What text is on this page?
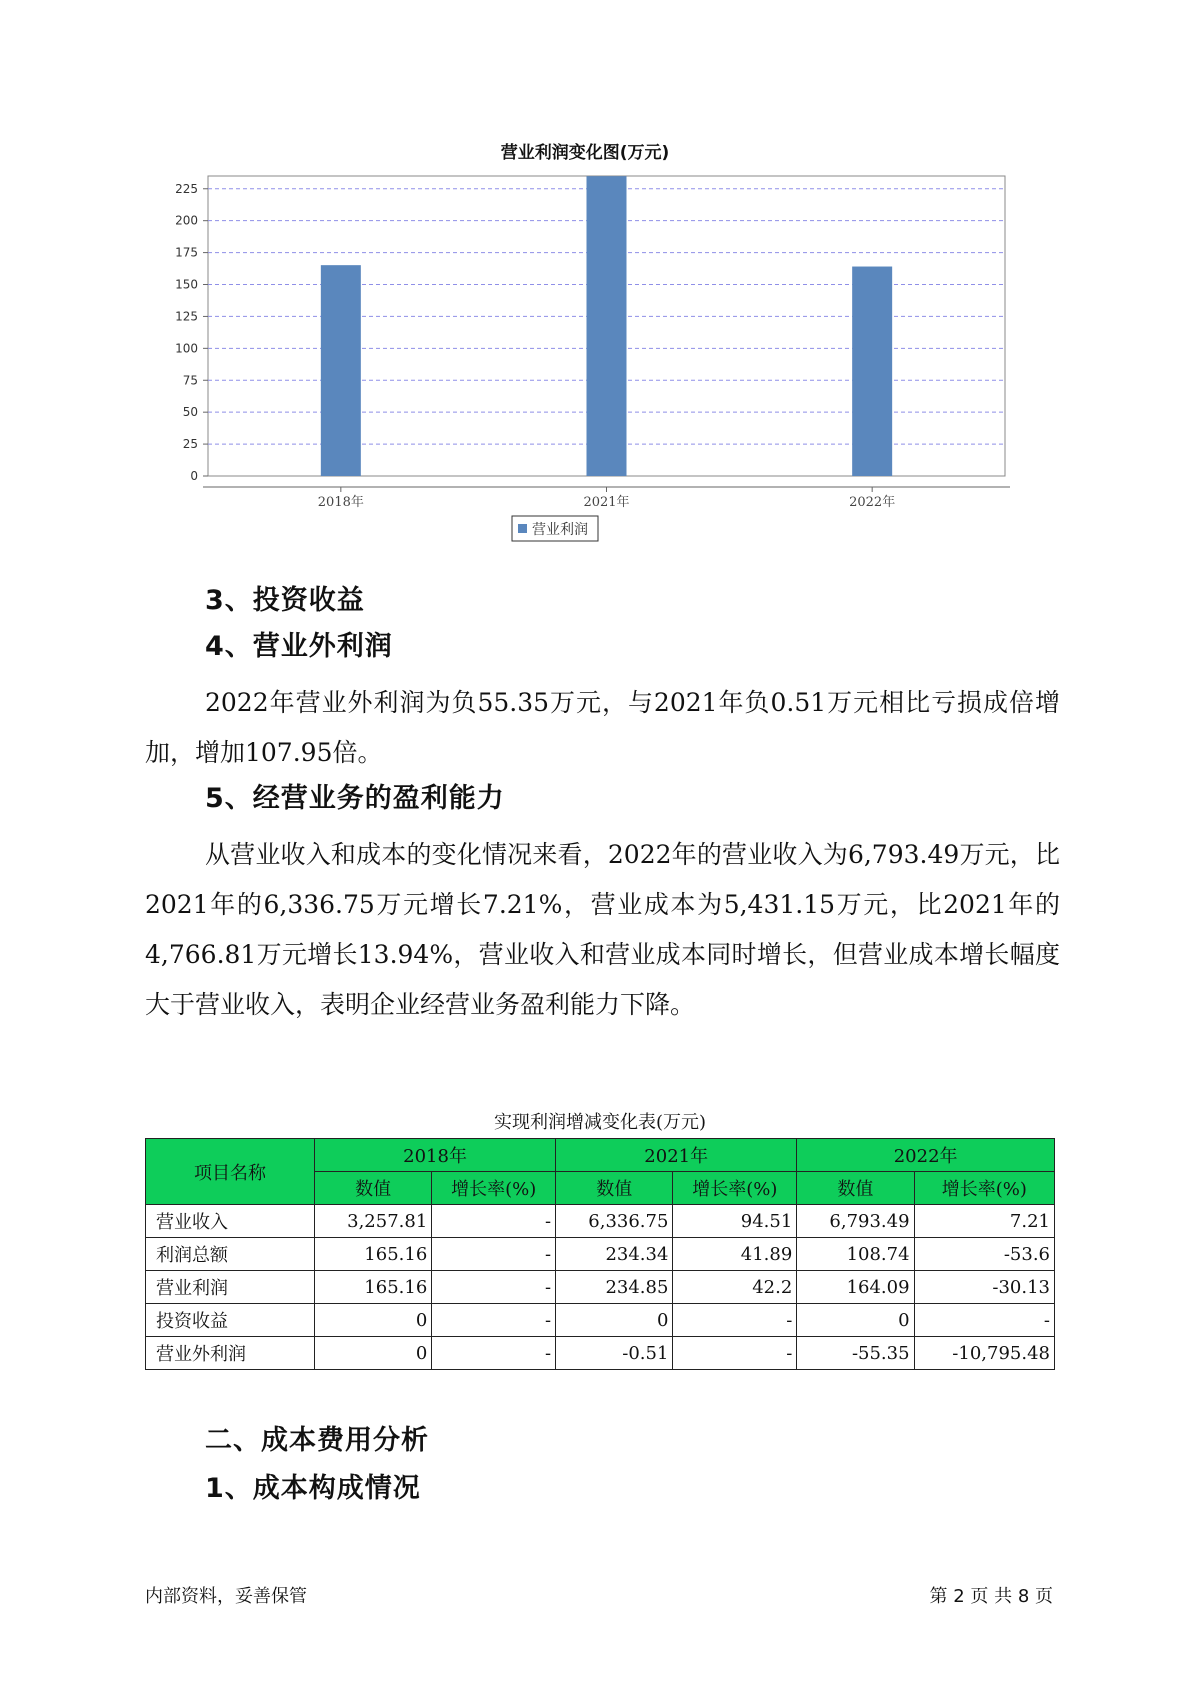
营业利润变化图(万元)
0
25
50
75
100
125
150
175
200
225
2018年	2021年	2022年
营业利润
3、投资收益
4、营业外利润
2022年营业外利润为负55.35万元，与2021年负0.51万元相比亏损成倍增加，增加107.95倍。
5、经营业务的盈利能力
从营业收入和成本的变化情况来看，2022年的营业收入为6,793.49万元，比2021年的6,336.75万元增长7.21%，营业成本为5,431.15万元，比2021年的4,766.81万元增长13.94%，营业收入和营业成本同时增长，但营业成本增长幅度大于营业收入，表明企业经营业务盈利能力下降。
实现利润增减变化表(万元)
项目名称	2018年		2021年		2022年	
	数值	增长率(%)	数值	增长率(%)	数值	增长率(%)
营业收入	3,257.81	-	6,336.75	94.51	6,793.49	7.21
利润总额	165.16	-	234.34	41.89	108.74	-53.6
营业利润	165.16	-	234.85	42.2	164.09	-30.13
投资收益	0	-	0	-	0	-
营业外利润	0	-	-0.51	-	-55.35	-10,795.48
二、成本费用分析
1、成本构成情况
内部资料，妥善保管	第 2 页 共 8 页
